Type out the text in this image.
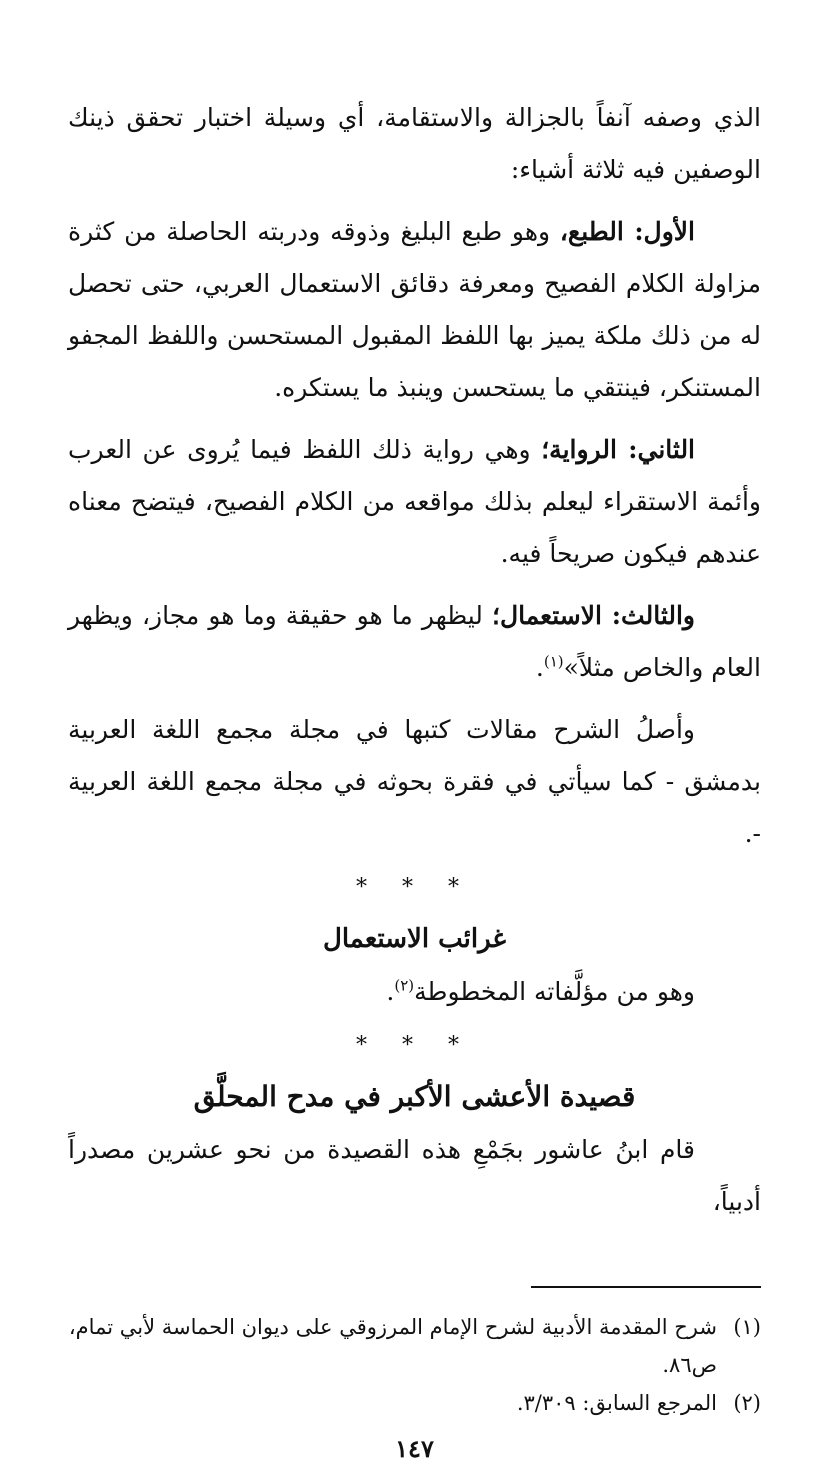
الذي وصفه آنفاً بالجزالة والاستقامة، أي وسيلة اختبار تحقق ذينك الوصفين فيه ثلاثة أشياء:

الأول: الطبع، وهو طبع البليغ وذوقه ودربته الحاصلة من كثرة مزاولة الكلام الفصيح ومعرفة دقائق الاستعمال العربي، حتى تحصل له من ذلك ملكة يميز بها اللفظ المقبول المستحسن واللفظ المجفو المستنكر، فينتقي ما يستحسن وينبذ ما يستكره.

الثاني: الرواية؛ وهي رواية ذلك اللفظ فيما يُروى عن العرب وأئمة الاستقراء ليعلم بذلك مواقعه من الكلام الفصيح، فيتضح معناه عندهم فيكون صريحاً فيه.

والثالث: الاستعمال؛ ليظهر ما هو حقيقة وما هو مجاز، ويظهر العام والخاص مثلاً»$^{(١)}$.

وأصلُ الشرح مقالات كتبها في مجلة مجمع اللغة العربية بدمشق - كما سيأتي في فقرة بحوثه في مجلة مجمع اللغة العربية -.

* * *
غرائب الاستعمال

وهو من مؤلَّفاته المخطوطة$^{(٢)}$.

* * *
قصيدة الأعشى الأكبر في مدح المحلَّق

قام ابنُ عاشور بجَمْعِ هذه القصيدة من نحو عشرين مصدراً أدبياً،

(١)
شرح المقدمة الأدبية لشرح الإمام المرزوقي على ديوان الحماسة لأبي تمام، ص٨٦.

(٢)
المرجع السابق: ٣/٣٠٩.

١٤٧
